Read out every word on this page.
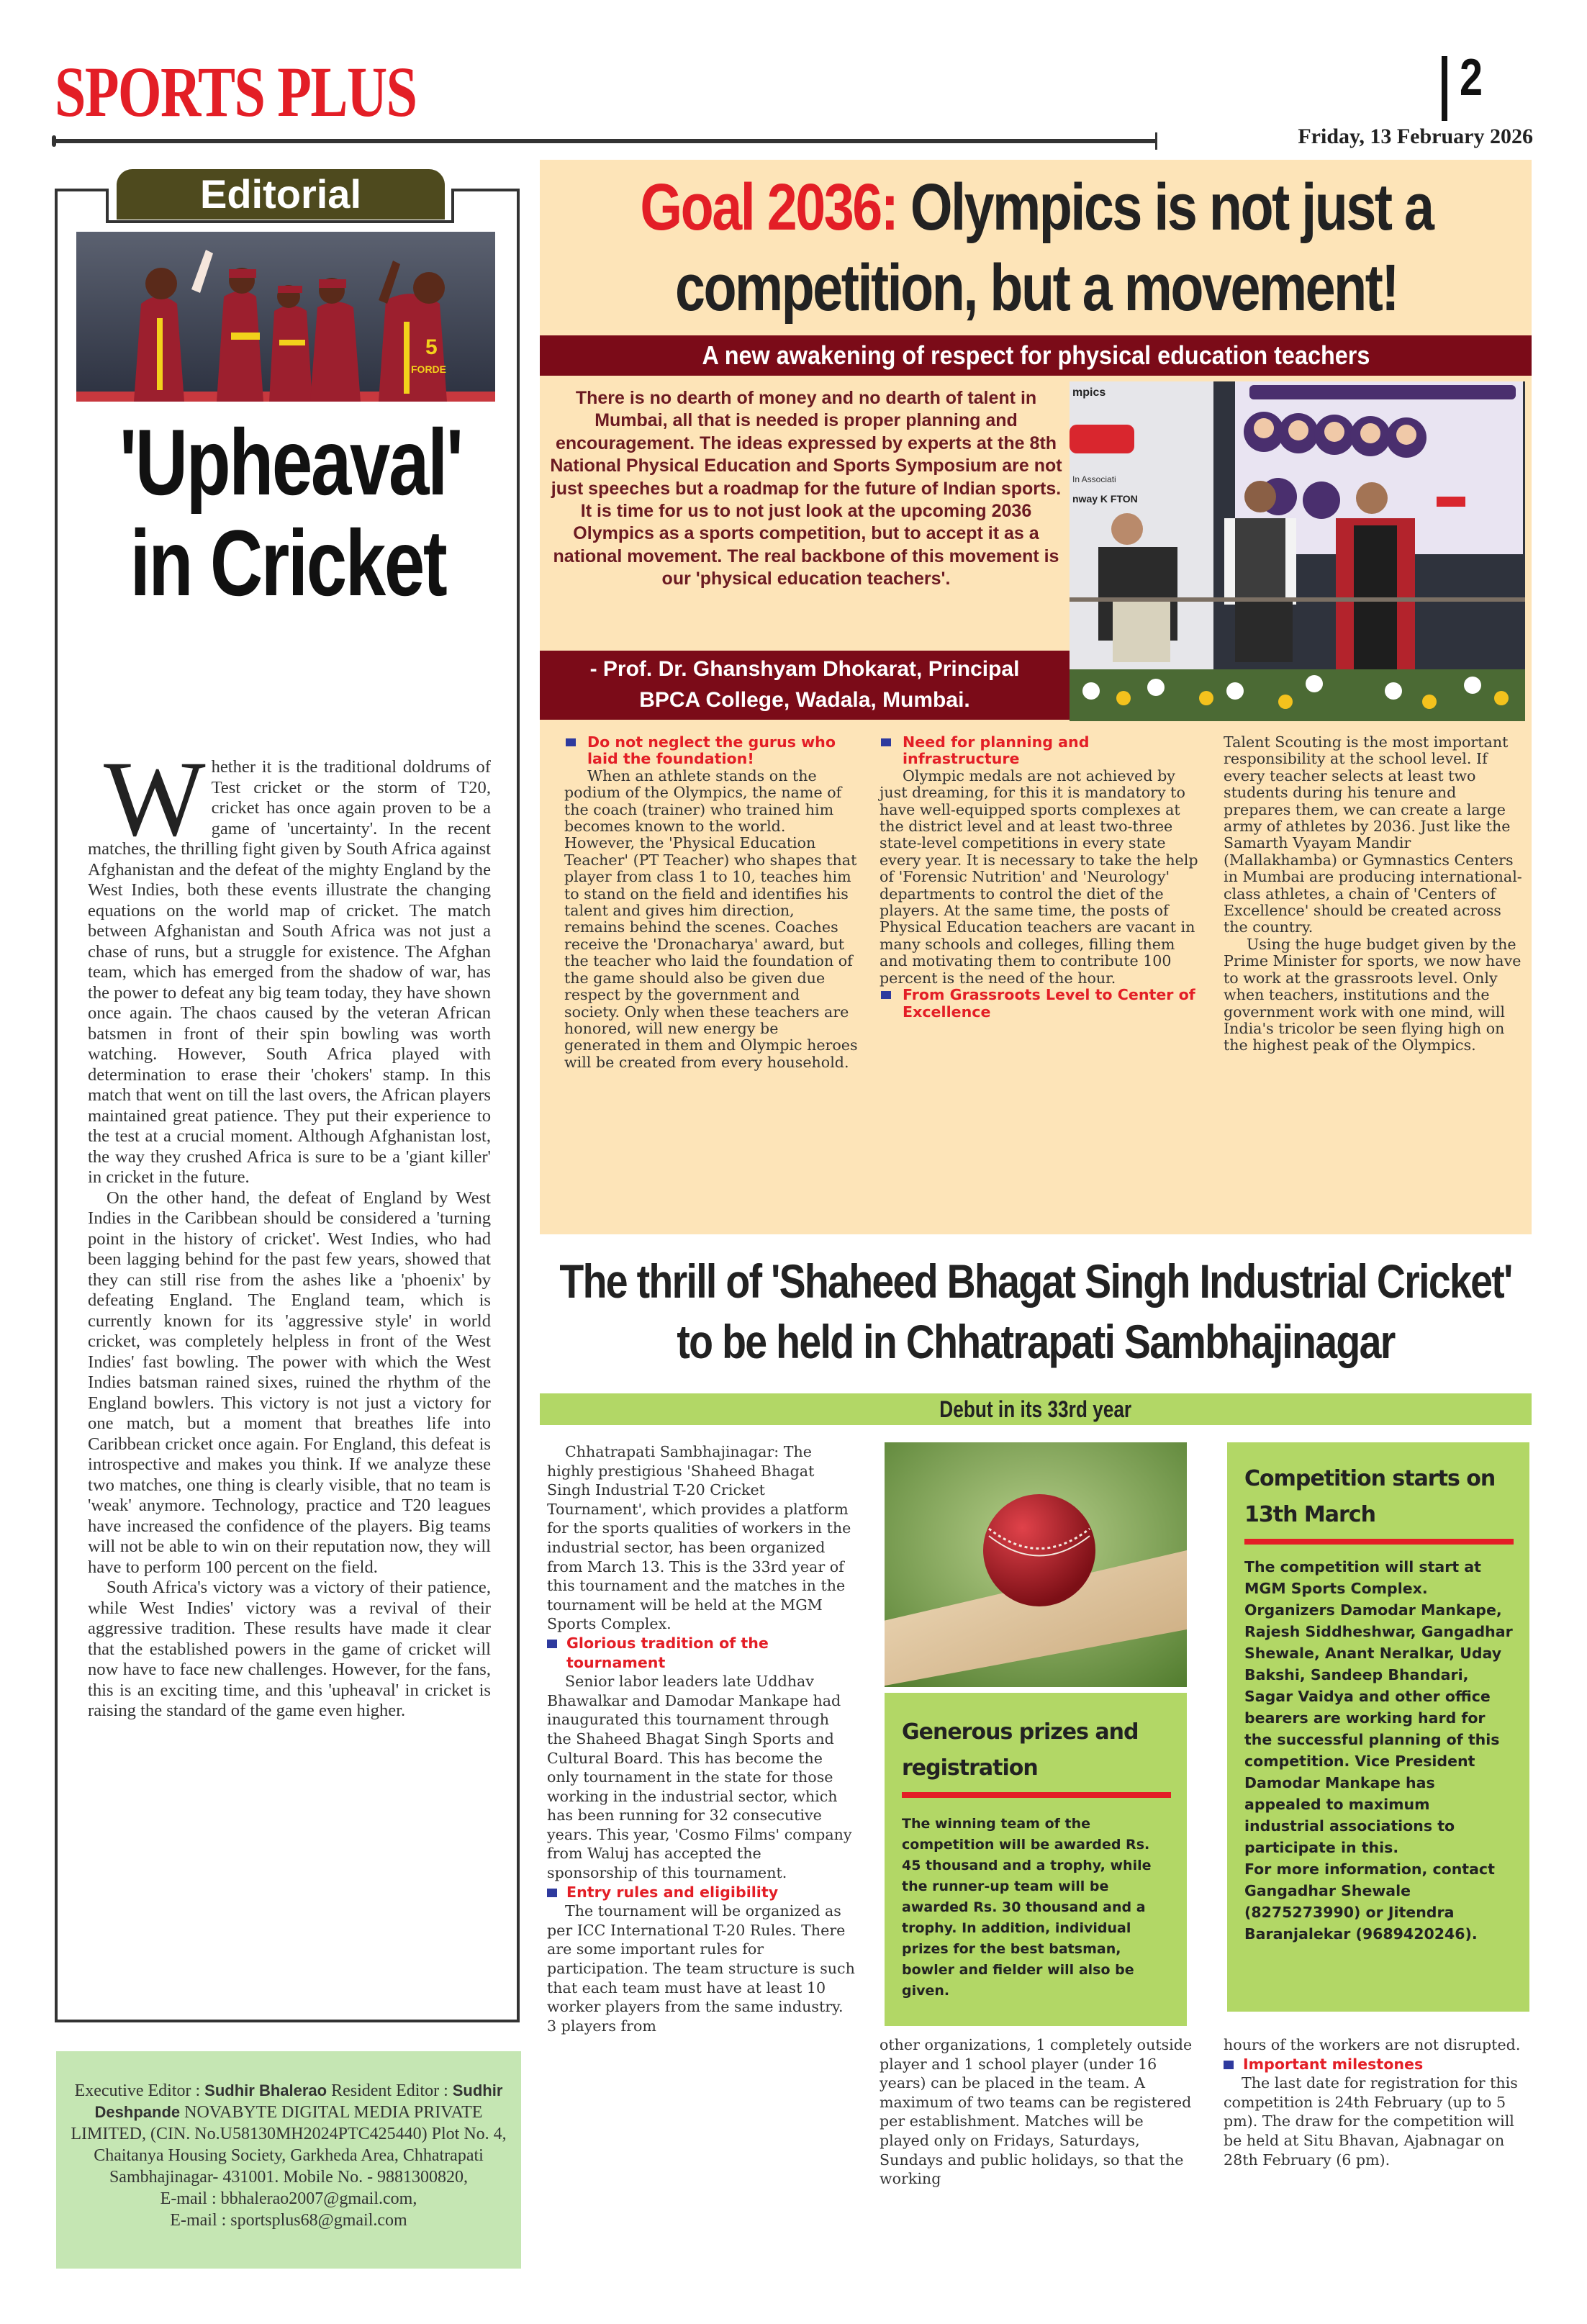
SPORTS PLUS	2
Friday, 13 February 2026
Editorial
5
FORDE
'Upheaval'
in Cricket

Whether it is the traditional doldrums of Test cricket or the storm of T20, cricket has once again proven to be a game of 'uncertainty'. In the recent matches, the thrilling fight given by South Africa against Afghanistan and the defeat of the mighty England by the West Indies, both these events illustrate the changing equations on the world map of cricket. The match between Afghanistan and South Africa was not just a chase of runs, but a struggle for existence. The Afghan team, which has emerged from the shadow of war, has the power to defeat any big team today, they have shown once again. The chaos caused by the veteran African batsmen in front of their spin bowling was worth watching. However, South Africa played with determination to erase their 'chokers' stamp. In this match that went on till the last overs, the African players maintained great patience. They put their experience to the test at a crucial moment. Although Afghanistan lost, the way they crushed Africa is sure to be a 'giant killer' in cricket in the future.

On the other hand, the defeat of England by West Indies in the Caribbean should be considered a 'turning point in the history of cricket'. West Indies, who had been lagging behind for the past few years, showed that they can still rise from the ashes like a 'phoenix' by defeating England. The England team, which is currently known for its 'aggressive style' in world cricket, was completely helpless in front of the West Indies' fast bowling. The power with which the West Indies batsman rained sixes, ruined the rhythm of the England bowlers. This victory is not just a victory for one match, but a moment that breathes life into Caribbean cricket once again. For England, this defeat is introspective and makes you think. If we analyze these two matches, one thing is clearly visible, that no team is 'weak' anymore. Technology, practice and T20 leagues have increased the confidence of the players. Big teams will not be able to win on their reputation now, they will have to perform 100 percent on the field.

South Africa's victory was a victory of their patience, while West Indies' victory was a revival of their aggressive tradition. These results have made it clear that the established powers in the game of cricket will now have to face new challenges. However, for the fans, this is an exciting time, and this 'upheaval' in cricket is raising the standard of the game even higher.

Executive Editor : Sudhir Bhalerao Resident Editor : Sudhir Deshpande NOVABYTE DIGITAL MEDIA PRIVATE LIMITED, (CIN. No.U58130MH2024PTC425440) Plot No. 4, Chaitanya Housing Society, Garkheda Area, Chhatrapati Sambhajinagar- 431001. Mobile No. - 9881300820,
E-mail : bbhalerao2007@gmail.com,
E-mail : sportsplus68@gmail.com
Goal 2036: Olympics is not just a competition, but a movement!
A new awakening of respect for physical education teachers
There is no dearth of money and no dearth of talent in Mumbai, all that is needed is proper planning and encouragement. The ideas expressed by experts at the 8th National Physical Education and Sports Symposium are not just speeches but a roadmap for the future of Indian sports. It is time for us to not just look at the upcoming 2036 Olympics as a sports competition, but to accept it as a national movement. The real backbone of this movement is our 'physical education teachers'.
- Prof. Dr. Ghanshyam Dhokarat, Principal
BPCA College, Wadala, Mumbai.
mpics
In Associati
nway K FTON
Do not neglect the gurus who laid the foundation!

When an athlete stands on the podium of the Olympics, the name of the coach (trainer) who trained him becomes known to the world. However, the 'Physical Education Teacher' (PT Teacher) who shapes that player from class 1 to 10, teaches him to stand on the field and identifies his talent and gives him direction, remains behind the scenes. Coaches receive the 'Dronacharya' award, but the teacher who laid the foundation of the game should also be given due respect by the government and society. Only when these teachers are honored, will new energy be generated in them and Olympic heroes will be created from every household.

Need for planning and infrastructure

Olympic medals are not achieved by just dreaming, for this it is mandatory to have well-equipped sports complexes at the district level and at least two-three state-level competitions in every state every year. It is necessary to take the help of 'Forensic Nutrition' and 'Neurology' departments to control the diet of the players. At the same time, the posts of Physical Education teachers are vacant in many schools and colleges, filling them and motivating them to contribute 100 percent is the need of the hour.

From Grassroots Level to Center of Excellence

Talent Scouting is the most important responsibility at the school level. If every teacher selects at least two students during his tenure and prepares them, we can create a large army of athletes by 2036. Just like the Samarth Vyayam Mandir (Mallakhamba) or Gymnastics Centers in Mumbai are producing international-class athletes, a chain of 'Centers of Excellence' should be created across the country.

Using the huge budget given by the Prime Minister for sports, we now have to work at the grassroots level. Only when teachers, institutions and the government work with one mind, will India's tricolor be seen flying high on the highest peak of the Olympics.

The thrill of 'Shaheed Bhagat Singh Industrial Cricket' to be held in Chhatrapati Sambhajinagar
Debut in its 33rd year

Chhatrapati Sambhajinagar: The highly prestigious 'Shaheed Bhagat Singh Industrial T-20 Cricket Tournament', which provides a platform for the sports qualities of workers in the industrial sector, has been organized from March 13. This is the 33rd year of this tournament and the matches in the tournament will be held at the MGM Sports Complex.

Glorious tradition of the tournament

Senior labor leaders late Uddhav Bhawalkar and Damodar Mankape had inaugurated this tournament through the Shaheed Bhagat Singh Sports and Cultural Board. This has become the only tournament in the state for those working in the industrial sector, which has been running for 32 consecutive years. This year, 'Cosmo Films' company from Waluj has accepted the sponsorship of this tournament.

Entry rules and eligibility

The tournament will be organized as per ICC International T-20 Rules. There are some important rules for participation. The team structure is such that each team must have at least 10 worker players from the same industry. 3 players from

Generous prizes and registration
The winning team of the competition will be awarded Rs. 45 thousand and a trophy, while the runner-up team will be awarded Rs. 30 thousand and a trophy. In addition, individual prizes for the best batsman, bowler and fielder will also be given.
Competition starts on 13th March
The competition will start at MGM Sports Complex. Organizers Damodar Mankape, Rajesh Siddheshwar, Gangadhar Shewale, Anant Neralkar, Uday Bakshi, Sandeep Bhandari, Sagar Vaidya and other office bearers are working hard for the successful planning of this competition. Vice President Damodar Mankape has appealed to maximum industrial associations to participate in this.
For more information, contact Gangadhar Shewale (8275273990) or Jitendra Baranjalekar (9689420246).

other organizations, 1 completely outside player and 1 school player (under 16 years) can be placed in the team. A maximum of two teams can be registered per establishment. Matches will be played only on Fridays, Saturdays, Sundays and public holidays, so that the working

hours of the workers are not disrupted.

Important milestones

The last date for registration for this competition is 24th February (up to 5 pm). The draw for the competition will be held at Situ Bhavan, Ajabnagar on 28th February (6 pm).
